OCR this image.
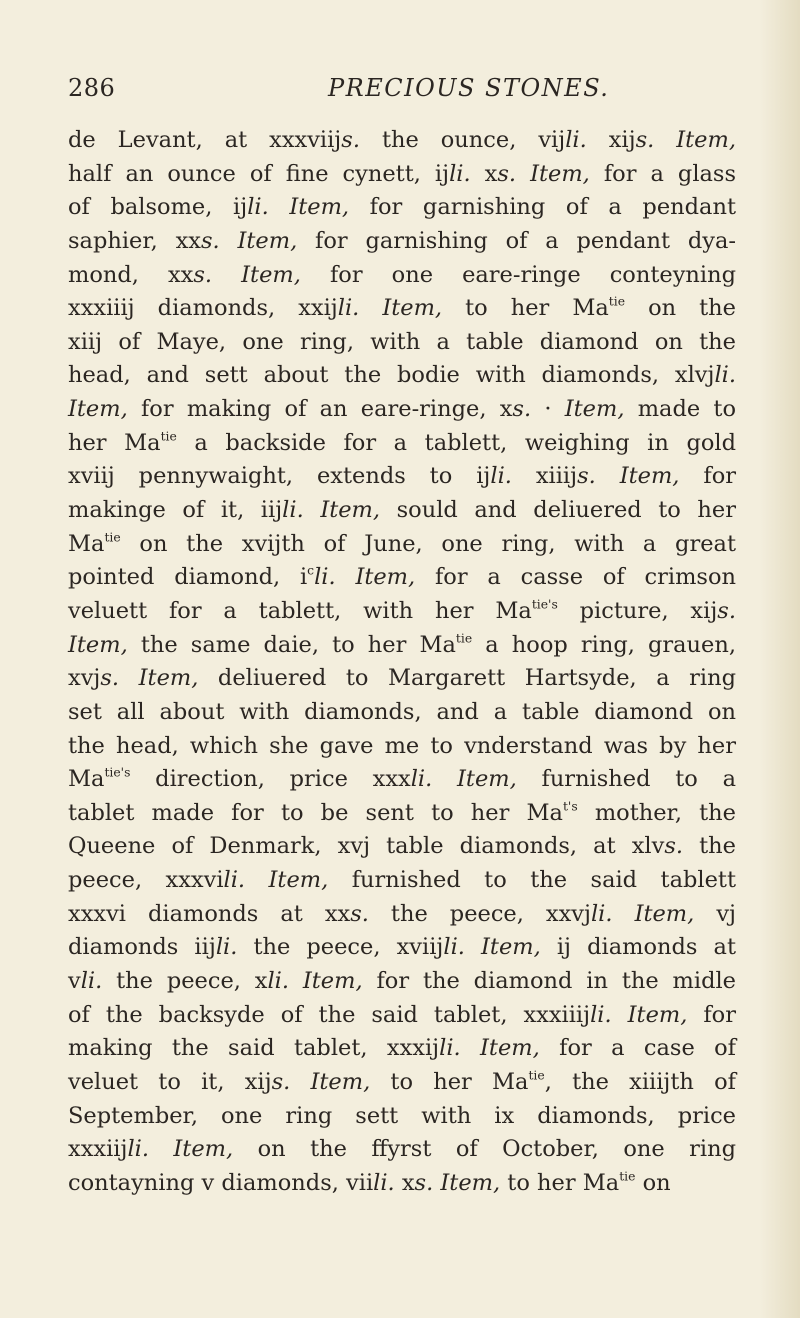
286	PRECIOUS STONES.
de Levant, at xxxviijs. the ounce, vijli. xijs. Item,
half an ounce of fine cynett, ijli. xs. Item, for a glass
of balsome, ijli. Item, for garnishing of a pendant
saphier, xxs. Item, for garnishing of a pendant dya-
mond, xxs. Item, for one eare-ringe conteyning
xxxiiij diamonds, xxijli. Item, to her $Ma^{tie}$ on the
xiij of Maye, one ring, with a table diamond on the
head, and sett about the bodie with diamonds, xlvjli.
Item, for making of an eare-ringe, xs. · Item, made to
her $Ma^{tie}$ a backside for a tablett, weighing in gold
xviij pennywaight, extends to ijli. xiiijs. Item, for
makinge of it, iijli. Item, sould and deliuered to her
$Ma^{tie}$ on the xvijth of June, one ring, with a great
pointed diamond, $i^cli$. Item, for a casse of crimson
veluett for a tablett, with her $Ma^{tie's}$ picture, xijs.
Item, the same daie, to her $Ma^{tie}$ a hoop ring, grauen,
xvjs. Item, deliuered to Margarett Hartsyde, a ring
set all about with diamonds, and a table diamond on
the head, which she gave me to vnderstand was by her
$Ma^{tie's}$ direction, price xxxli. Item, furnished to a
tablet made for to be sent to her $Ma^{t's}$ mother, the
Queene of Denmark, xvj table diamonds, at xlvs. the
peece, xxxvili. Item, furnished to the said tablett
xxxvi diamonds at xxs. the peece, xxvjli. Item, vj
diamonds iijli. the peece, xviijli. Item, ij diamonds at
vli. the peece, xli. Item, for the diamond in the midle
of the backsyde of the said tablet, xxxiiijli. Item, for
making the said tablet, xxxijli. Item, for a case of
veluet to it, xijs. Item, to her $Ma^{tie}$, the xiiijth of
September, one ring sett with ix diamonds, price
xxxiijli. Item, on the ffyrst of October, one ring
contayning v diamonds, viili. xs. Item, to her $Ma^{tie}$ on
